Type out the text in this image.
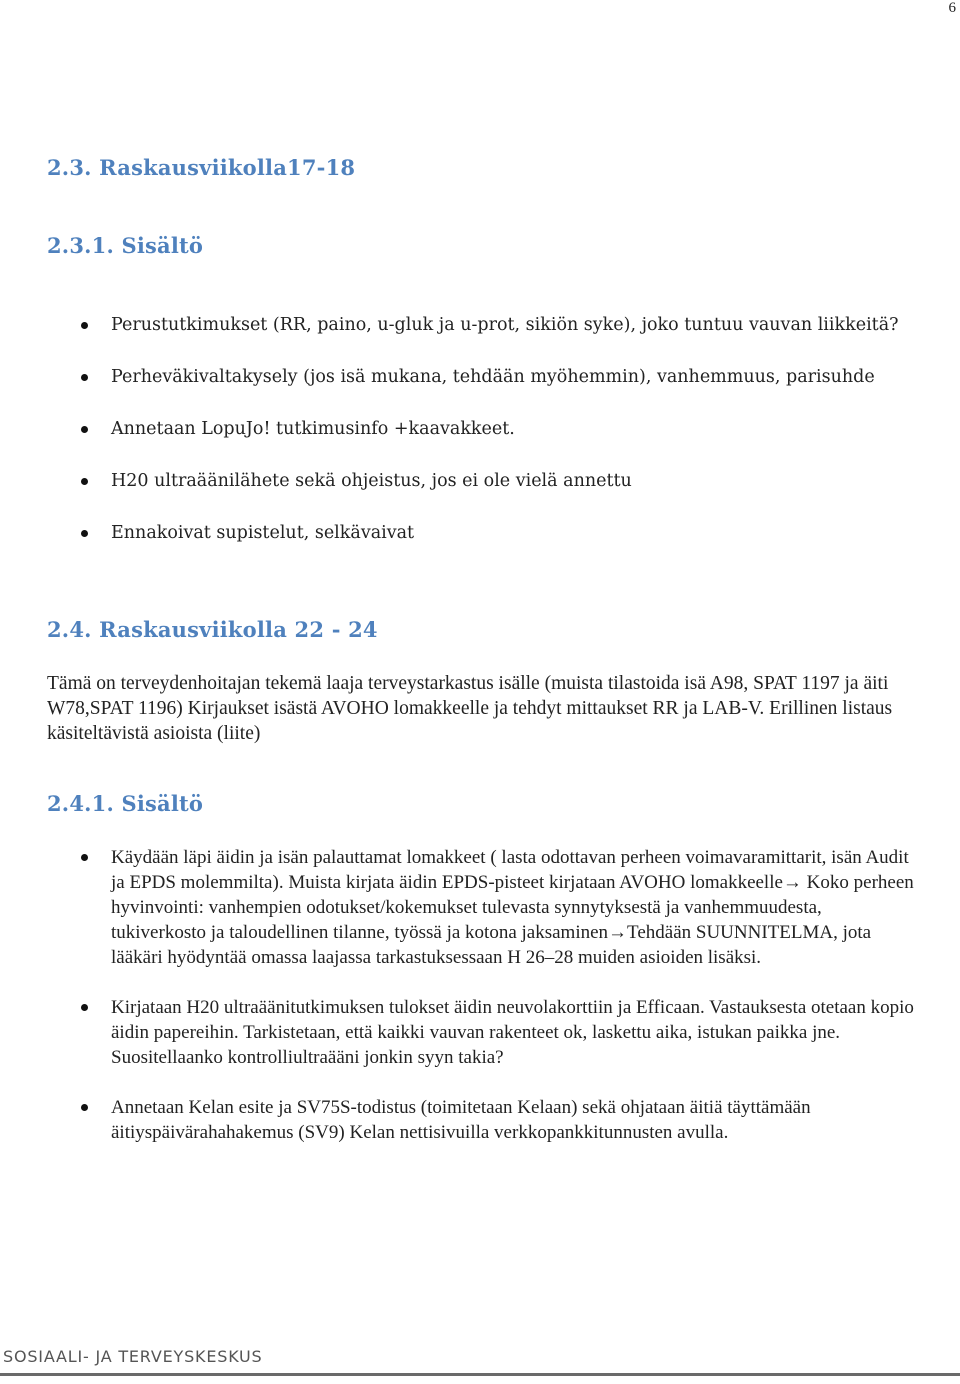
6
2.3. Raskausviikolla17-18
2.3.1. Sisältö
Perustutkimukset (RR, paino, u-gluk ja u-prot, sikiön syke), joko tuntuu vauvan liikkeitä?
Perheväkivaltakysely (jos isä mukana, tehdään myöhemmin), vanhemmuus, parisuhde
Annetaan LopuJo! tutkimusinfo +kaavakkeet.
H20 ultraäänilähete sekä ohjeistus, jos ei ole vielä annettu
Ennakoivat supistelut, selkävaivat
2.4. Raskausviikolla 22 - 24

Tämä on terveydenhoitajan tekemä laaja terveystarkastus isälle (muista tilastoida isä A98, SPAT 1197 ja äiti W78,SPAT 1196) Kirjaukset isästä AVOHO lomakkeelle ja tehdyt mittaukset RR ja LAB-V. Erillinen listaus käsiteltävistä asioista (liite)

2.4.1. Sisältö
Käydään läpi äidin ja isän palauttamat lomakkeet ( lasta odottavan perheen voimavaramittarit, isän Audit ja EPDS molemmilta). Muista kirjata äidin EPDS-pisteet kirjataan AVOHO lomakkeelle→ Koko perheen hyvinvointi: vanhempien odotukset/kokemukset tulevasta synnytyksestä ja vanhemmuudesta, tukiverkosto ja taloudellinen tilanne, työssä ja kotona jaksaminen→Tehdään SUUNNITELMA, jota lääkäri hyödyntää omassa laajassa tarkastuksessaan H 26–28 muiden asioiden lisäksi.
Kirjataan H20 ultraäänitutkimuksen tulokset äidin neuvolakorttiin ja Efficaan. Vastauksesta otetaan kopio äidin papereihin. Tarkistetaan, että kaikki vauvan rakenteet ok, laskettu aika, istukan paikka jne. Suositellaanko kontrolliultraääni jonkin syyn takia?
Annetaan Kelan esite ja SV75S-todistus (toimitetaan Kelaan) sekä ohjataan äitiä täyttämään äitiyspäivärahahakemus (SV9) Kelan nettisivuilla verkkopankkitunnusten avulla.
SOSIAALI- JA TERVEYSKESKUS
